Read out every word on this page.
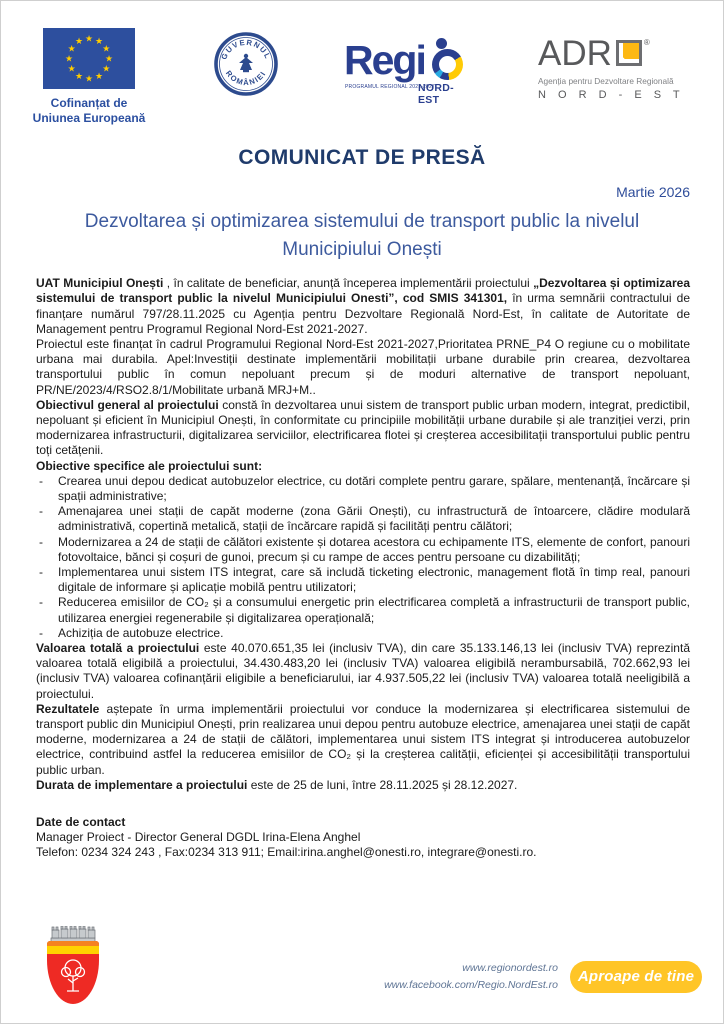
★ ★
★
★
★
★
★
★
★
★
★
★
Cofinanțat de
Uniunea Europeană
GUVERNUL
ROMÂNIEI Regi
PROGRAMUL REGIONAL 2021-2027
NORD-EST
ADR	®
Agenția pentru Dezvoltare Regională
N O R D - E S T
COMUNICAT DE PRESĂ
Martie 2026
Dezvoltarea și optimizarea sistemului de transport public la nivelul Municipiului Onești

UAT Municipiul Onești , în calitate de beneficiar, anunță începerea implementării proiectului „Dezvoltarea și optimizarea sistemului de transport public la nivelul Municipiului Onesti”, cod SMIS 341301, în urma semnării contractului de finanțare numărul 797/28.11.2025 cu Agenția pentru Dezvoltare Regională Nord-Est, în calitate de Autoritate de Management pentru Programul Regional Nord-Est 2021-2027.

Proiectul este finanțat în cadrul Programului Regional Nord-Est 2021-2027,Prioritatea PRNE_P4 O regiune cu o mobilitate urbana mai durabila. Apel:Investiții destinate implementării mobilitații urbane durabile prin crearea, dezvoltarea transportului public în comun nepoluant precum și de moduri alternative de transport nepoluant, PR/NE/2023/4/RSO2.8/1/Mobilitate urbană MRJ+M..

Obiectivul general al proiectului constă în dezvoltarea unui sistem de transport public urban modern, integrat, predictibil, nepoluant și eficient în Municipiul Onești, în conformitate cu principiile mobilității urbane durabile și ale tranziției verzi, prin modernizarea infrastructurii, digitalizarea serviciilor, electrificarea flotei și creșterea accesibilitații transportului public pentru toți cetățenii.

Obiective specifice ale proiectului sunt:

-	Crearea unui depou dedicat autobuzelor electrice, cu dotări complete pentru garare, spălare, mentenanță, încărcare și spații administrative;
-	Amenajarea unei stații de capăt moderne (zona Gării Onești), cu infrastructură de întoarcere, clădire modulară administrativă, copertină metalică, stații de încărcare rapidă și facilități pentru călători;
-	Modernizarea a 24 de stații de călători existente și dotarea acestora cu echipamente ITS, elemente de confort, panouri fotovoltaice, bănci și coșuri de gunoi, precum și cu rampe de acces pentru persoane cu dizabilități;
-	Implementarea unui sistem ITS integrat, care să includă ticketing electronic, management flotă în timp real, panouri digitale de informare și aplicație mobilă pentru utilizatori;
-	Reducerea emisiilor de CO₂ și a consumului energetic prin electrificarea completă a infrastructurii de transport public, utilizarea energiei regenerabile și digitalizarea operațională;
-	Achiziția de autobuze electrice.

Valoarea totală a proiectului este 40.070.651,35 lei (inclusiv TVA), din care 35.133.146,13 lei (inclusiv TVA) reprezintă valoarea totală eligibilă a proiectului, 34.430.483,20 lei (inclusiv TVA) valoarea eligibilă nerambursabilă, 702.662,93 lei (inclusiv TVA) valoarea cofinanțării eligibile a beneficiarului, iar 4.937.505,22 lei (inclusiv TVA) valoarea totală neeligibilă a proiectului.

Rezultatele aștepate în urma implementării proiectului vor conduce la modernizarea și electrificarea sistemului de transport public din Municipiul Onești, prin realizarea unui depou pentru autobuze electrice, amenajarea unei stații de capăt moderne, modernizarea a 24 de stații de călători, implementarea unui sistem ITS integrat și introducerea autobuzelor electrice, contribuind astfel la reducerea emisiilor de CO₂ și la creșterea calității, eficienței și accesibilității transportului public urban.

Durata de implementare a proiectului este de 25 de luni, între 28.11.2025 și 28.12.2027.

Date de contact

Manager Proiect - Director General DGDL Irina-Elena Anghel

Telefon: 0234 324 243 , Fax:0234 313 911; Email:irina.anghel@onesti.ro, integrare@onesti.ro.

www.regionordest.ro
www.facebook.com/Regio.NordEst.ro	Aproape de tine
